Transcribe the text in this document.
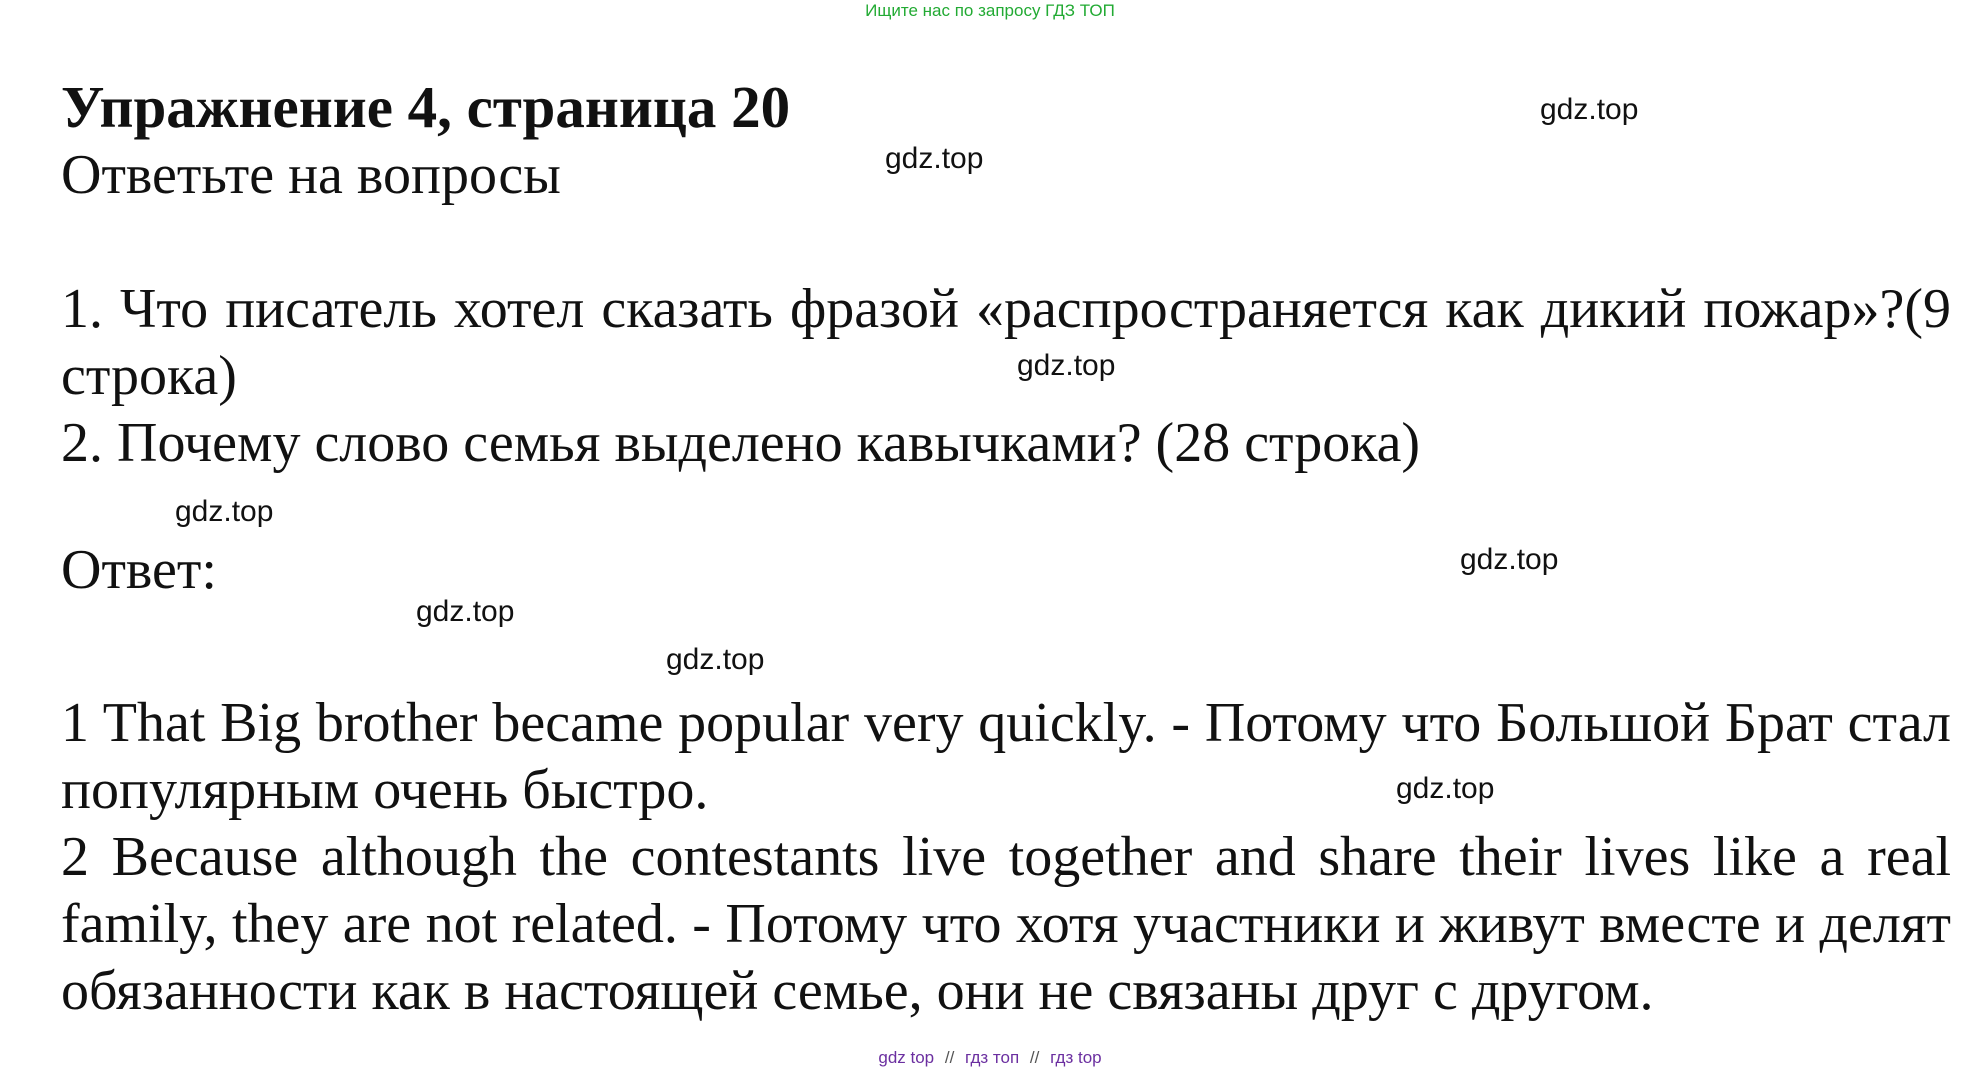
Ищите нас по запросу ГДЗ ТОП
Упражнение 4, страница 20

Ответьте на вопросы

1. Что писатель хотел сказать фразой «распространяется как дикий пожар»?(9 строка)

2. Почему слово семья выделено кавычками? (28 строка)

Ответ:

1 That Big brother became popular very quickly. - Потому что Большой Брат стал популярным очень быстро.

2 Because although the contestants live together and share their lives like a real family, they are not related. - Потому что хотя участники и живут вместе и делят обязанности как в настоящей семье, они не связаны друг с другом.

gdz.top
gdz.top
gdz.top
gdz.top
gdz.top
gdz.top
gdz.top
gdz.top
gdz top // гдз топ // гдз top
